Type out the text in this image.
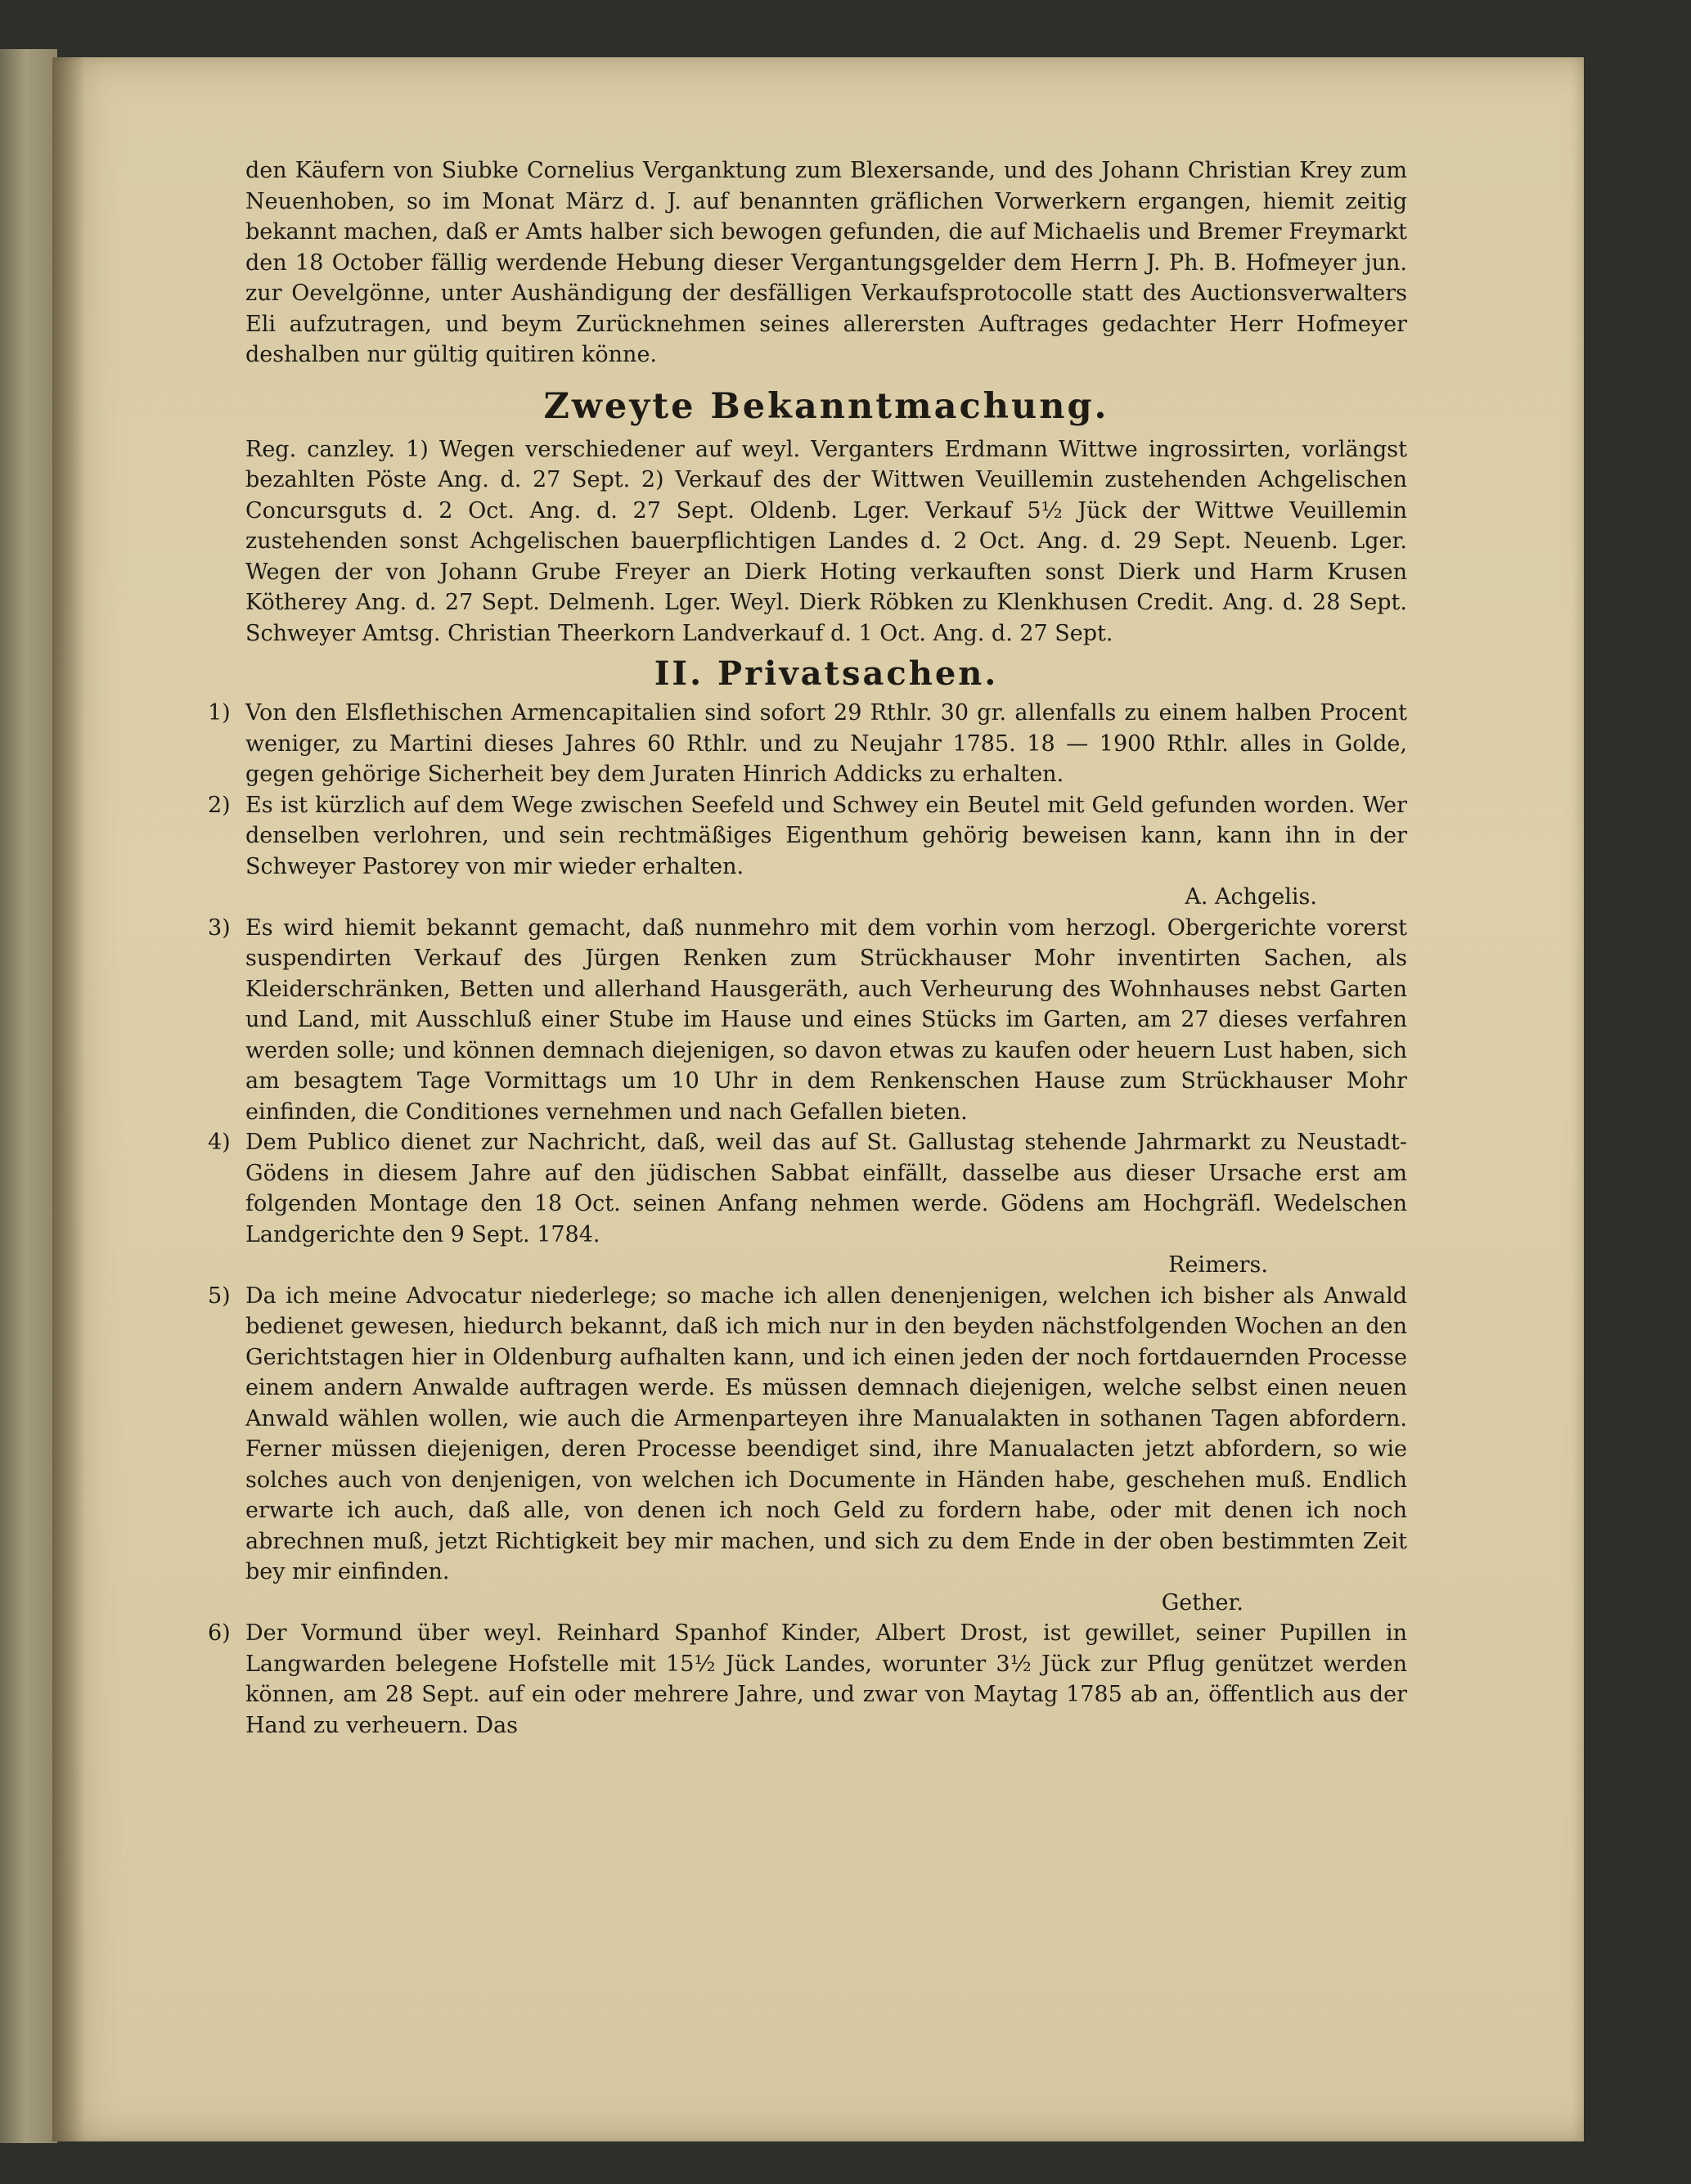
den Käufern von Siubke Cornelius Verganktung zum Blexersande, und des Johann Christian Krey zum Neuenhoben, so im Monat März d. J. auf benannten gräflichen Vorwerkern ergangen, hiemit zeitig bekannt machen, daß er Amts halber sich bewogen gefunden, die auf Michaelis und Bremer Freymarkt den 18 October fällig werdende Hebung dieser Vergantungsgelder dem Herrn J. Ph. B. Hofmeyer jun. zur Oevelgönne, unter Aushändigung der desfälligen Verkaufsprotocolle statt des Auctionsverwalters Eli aufzutragen, und beym Zurücknehmen seines allerersten Auftrages gedachter Herr Hofmeyer deshalben nur gültig quitiren könne.

Zweyte Bekanntmachung.

Reg. canzley. 1) Wegen verschiedener auf weyl. Verganters Erdmann Wittwe ingrossirten, vorlängst bezahlten Pöste Ang. d. 27 Sept. 2) Verkauf des der Wittwen Veuillemin zustehenden Achgelischen Concursguts d. 2 Oct. Ang. d. 27 Sept. Oldenb. Lger. Verkauf 5½ Jück der Wittwe Veuillemin zustehenden sonst Achgelischen bauerpflichtigen Landes d. 2 Oct. Ang. d. 29 Sept. Neuenb. Lger. Wegen der von Johann Grube Freyer an Dierk Hoting verkauften sonst Dierk und Harm Krusen Kötherey Ang. d. 27 Sept. Delmenh. Lger. Weyl. Dierk Röbken zu Klenkhusen Credit. Ang. d. 28 Sept. Schweyer Amtsg. Christian Theerkorn Landverkauf d. 1 Oct. Ang. d. 27 Sept.

II. Privatsachen.

1) Von den Elsflethischen Armencapitalien sind sofort 29 Rthlr. 30 gr. allenfalls zu einem halben Procent weniger, zu Martini dieses Jahres 60 Rthlr. und zu Neujahr 1785. 18 — 1900 Rthlr. alles in Golde, gegen gehörige Sicherheit bey dem Juraten Hinrich Addicks zu erhalten.

2) Es ist kürzlich auf dem Wege zwischen Seefeld und Schwey ein Beutel mit Geld gefunden worden. Wer denselben verlohren, und sein rechtmäßiges Eigenthum gehörig beweisen kann, kann ihn in der Schweyer Pastorey von mir wieder erhalten.

A. Achgelis.

3) Es wird hiemit bekannt gemacht, daß nunmehro mit dem vorhin vom herzogl. Obergerichte vorerst suspendirten Verkauf des Jürgen Renken zum Strückhauser Mohr inventirten Sachen, als Kleiderschränken, Betten und allerhand Hausgeräth, auch Verheurung des Wohnhauses nebst Garten und Land, mit Ausschluß einer Stube im Hause und eines Stücks im Garten, am 27 dieses verfahren werden solle; und können demnach diejenigen, so davon etwas zu kaufen oder heuern Lust haben, sich am besagtem Tage Vormittags um 10 Uhr in dem Renkenschen Hause zum Strückhauser Mohr einfinden, die Conditiones vernehmen und nach Gefallen bieten.

4) Dem Publico dienet zur Nachricht, daß, weil das auf St. Gallustag stehende Jahrmarkt zu Neustadt-Gödens in diesem Jahre auf den jüdischen Sabbat einfällt, dasselbe aus dieser Ursache erst am folgenden Montage den 18 Oct. seinen Anfang nehmen werde. Gödens am Hochgräfl. Wedelschen Landgerichte den 9 Sept. 1784.

Reimers.

5) Da ich meine Advocatur niederlege; so mache ich allen denenjenigen, welchen ich bisher als Anwald bedienet gewesen, hiedurch bekannt, daß ich mich nur in den beyden nächstfolgenden Wochen an den Gerichtstagen hier in Oldenburg aufhalten kann, und ich einen jeden der noch fortdauernden Processe einem andern Anwalde auftragen werde. Es müssen demnach diejenigen, welche selbst einen neuen Anwald wählen wollen, wie auch die Armenparteyen ihre Manualakten in sothanen Tagen abfordern. Ferner müssen diejenigen, deren Processe beendiget sind, ihre Manualacten jetzt abfordern, so wie solches auch von denjenigen, von welchen ich Documente in Händen habe, geschehen muß. Endlich erwarte ich auch, daß alle, von denen ich noch Geld zu fordern habe, oder mit denen ich noch abrechnen muß, jetzt Richtigkeit bey mir machen, und sich zu dem Ende in der oben bestimmten Zeit bey mir einfinden.

Gether.

6) Der Vormund über weyl. Reinhard Spanhof Kinder, Albert Drost, ist gewillet, seiner Pupillen in Langwarden belegene Hofstelle mit 15½ Jück Landes, worunter 3½ Jück zur Pflug genützet werden können, am 28 Sept. auf ein oder mehrere Jahre, und zwar von Maytag 1785 ab an, öffentlich aus der Hand zu verheuern. Das
